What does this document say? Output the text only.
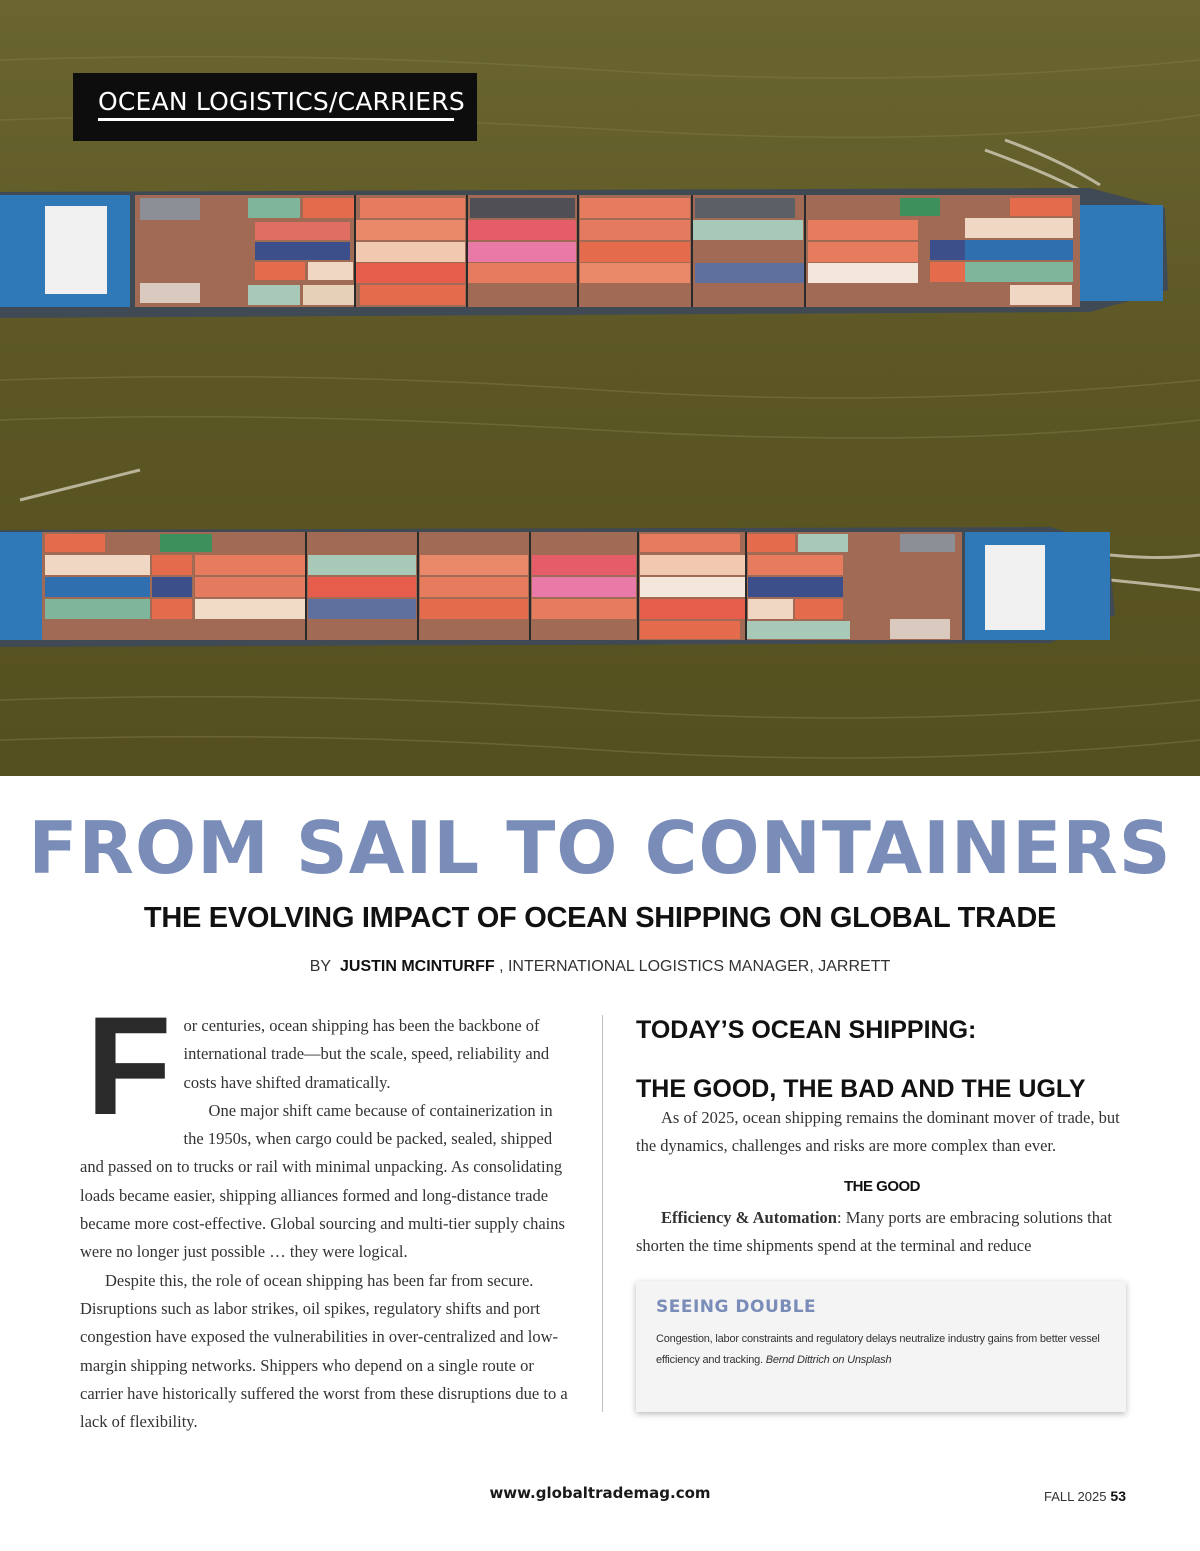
OCEAN LOGISTICS/CARRIERS
FROM SAIL TO CONTAINERS
THE EVOLVING IMPACT OF OCEAN SHIPPING ON GLOBAL TRADE
BY JUSTIN MCINTURFF , INTERNATIONAL LOGISTICS MANAGER, JARRETT
F or centuries, ocean shipping has been the backbone of international trade—but the scale, speed, reliability and costs have shifted dramatically.

One major shift came because of containerization in the 1950s, when cargo could be packed, sealed, shipped and passed on to trucks or rail with minimal unpacking. As consolidating loads became easier, shipping alliances formed and long-distance trade became more cost-effective. Global sourcing and multi-tier supply chains were no longer just possible … they were logical.

Despite this, the role of ocean shipping has been far from secure. Disruptions such as labor strikes, oil spikes, regulatory shifts and port congestion have exposed the vulnerabilities in over-centralized and low-margin shipping networks. Shippers who depend on a single route or carrier have historically suffered the worst from these disruptions due to a lack of flexibility.

TODAY’S OCEAN SHIPPING:
THE GOOD, THE BAD AND THE UGLY

As of 2025, ocean shipping remains the dominant mover of trade, but the dynamics, challenges and risks are more complex than ever.

THE GOOD

Efficiency & Automation: Many ports are embracing solutions that shorten the time shipments spend at the terminal and reduce

SEEING DOUBLE
Congestion, labor constraints and regulatory delays neutralize industry gains from better vessel efficiency and tracking. Bernd Dittrich on Unsplash
www.globaltrademag.com	FALL 2025 53
